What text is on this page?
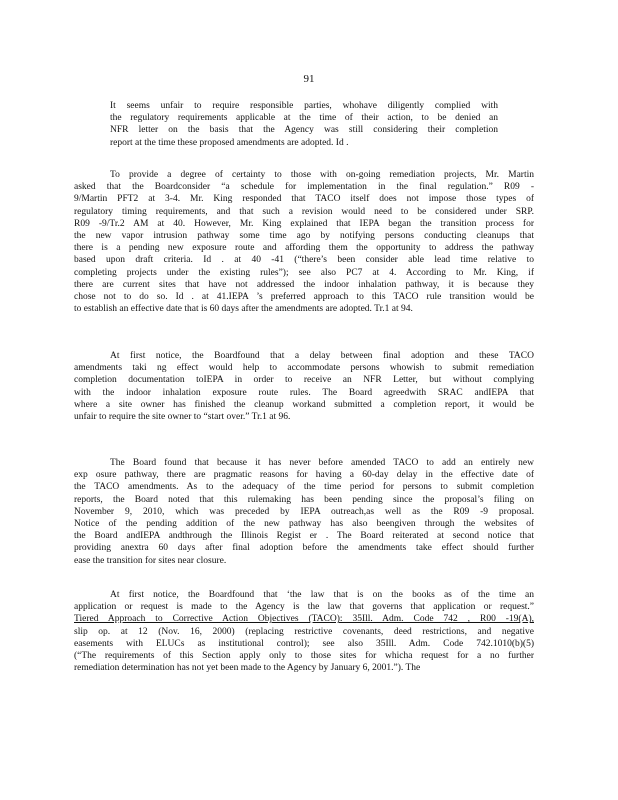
91
It seems unfair to require responsible parties, whohave diligently complied with
the regulatory requirements applicable at the time of their action, to be denied an
NFR letter on the basis that the Agency was still considering their completion
report at the time these proposed amendments are adopted. Id .
To provide a degree of certainty to those with on-going remediation projects, Mr. Martin
asked that the Boardconsider “a schedule for implementation in the final regulation.” R09 -
9/Martin PFT2 at 3-4. Mr. King responded that TACO itself does not impose those types of
regulatory timing requirements, and that such a revision would need to be considered under SRP.
R09 -9/Tr.2 AM at 40. However, Mr. King explained that IEPA began the transition process for
the new vapor intrusion pathway some time ago by notifying persons conducting cleanups that
there is a pending new exposure route and affording them the opportunity to address the pathway
based upon draft criteria. Id . at 40 -41 (“there’s been consider able lead time relative to
completing projects under the existing rules”); see also PC7 at 4. According to Mr. King, if
there are current sites that have not addressed the indoor inhalation pathway, it is because they
chose not to do so. Id . at 41.IEPA ’s preferred approach to this TACO rule transition would be
to establish an effective date that is 60 days after the amendments are adopted. Tr.1 at 94.
At first notice, the Boardfound that a delay between final adoption and these TACO
amendments taki ng effect would help to accommodate persons whowish to submit remediation
completion documentation toIEPA in order to receive an NFR Letter, but without complying
with the indoor inhalation exposure route rules. The Board agreedwith SRAC andIEPA that
where a site owner has finished the cleanup workand submitted a completion report, it would be
unfair to require the site owner to “start over.” Tr.1 at 96.
The Board found that because it has never before amended TACO to add an entirely new
exp osure pathway, there are pragmatic reasons for having a 60-day delay in the effective date of
the TACO amendments. As to the adequacy of the time period for persons to submit completion
reports, the Board noted that this rulemaking has been pending since the proposal’s filing on
November 9, 2010, which was preceded by IEPA outreach,as well as the R09 -9 proposal.
Notice of the pending addition of the new pathway has also beengiven through the websites of
the Board andIEPA andthrough the Illinois Regist er . The Board reiterated at second notice that
providing anextra 60 days after final adoption before the amendments take effect should further
ease the transition for sites near closure.
At first notice, the Boardfound that ‘the law that is on the books as of the time an
application or request is made to the Agency is the law that governs that application or request.”
Tiered Approach to Corrective Action Objectives (TACO): 35Ill. Adm. Code 742 , R00 -19(A),
slip op. at 12 (Nov. 16, 2000) (replacing restrictive covenants, deed restrictions, and negative
easements with ELUCs as institutional control); see also 35Ill. Adm. Code 742.1010(b)(5)
(“The requirements of this Section apply only to those sites for whicha request for a no further
remediation determination has not yet been made to the Agency by January 6, 2001.”). The
